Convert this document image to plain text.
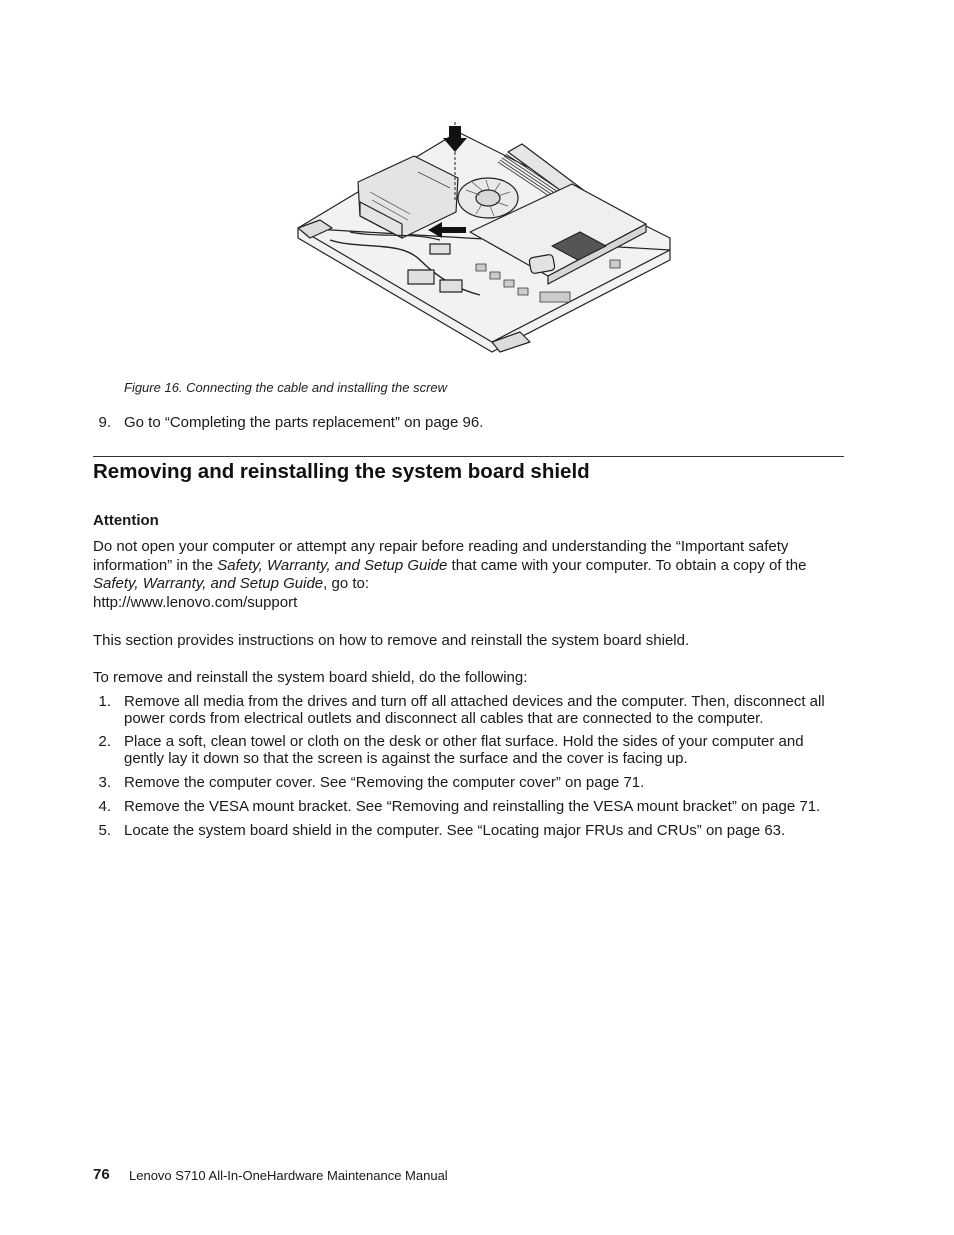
Figure 16. Connecting the cable and installing the screw
9. Go to “Completing the parts replacement” on page 96.
Removing and reinstalling the system board shield
Attention
Do not open your computer or attempt any repair before reading and understanding the “Important safety information” in the Safety, Warranty, and Setup Guide that came with your computer. To obtain a copy of the
Safety, Warranty, and Setup Guide, go to:
http://www.lenovo.com/support
This section provides instructions on how to remove and reinstall the system board shield.
To remove and reinstall the system board shield, do the following:
1. Remove all media from the drives and turn off all attached devices and the computer. Then, disconnect all power cords from electrical outlets and disconnect all cables that are connected to the computer.
2. Place a soft, clean towel or cloth on the desk or other flat surface. Hold the sides of your computer and gently lay it down so that the screen is against the surface and the cover is facing up.
3. Remove the computer cover. See “Removing the computer cover” on page 71.
4. Remove the VESA mount bracket. See “Removing and reinstalling the VESA mount bracket” on page 71.
5. Locate the system board shield in the computer. See “Locating major FRUs and CRUs” on page 63.
76 Lenovo S710 All-In-OneHardware Maintenance Manual
